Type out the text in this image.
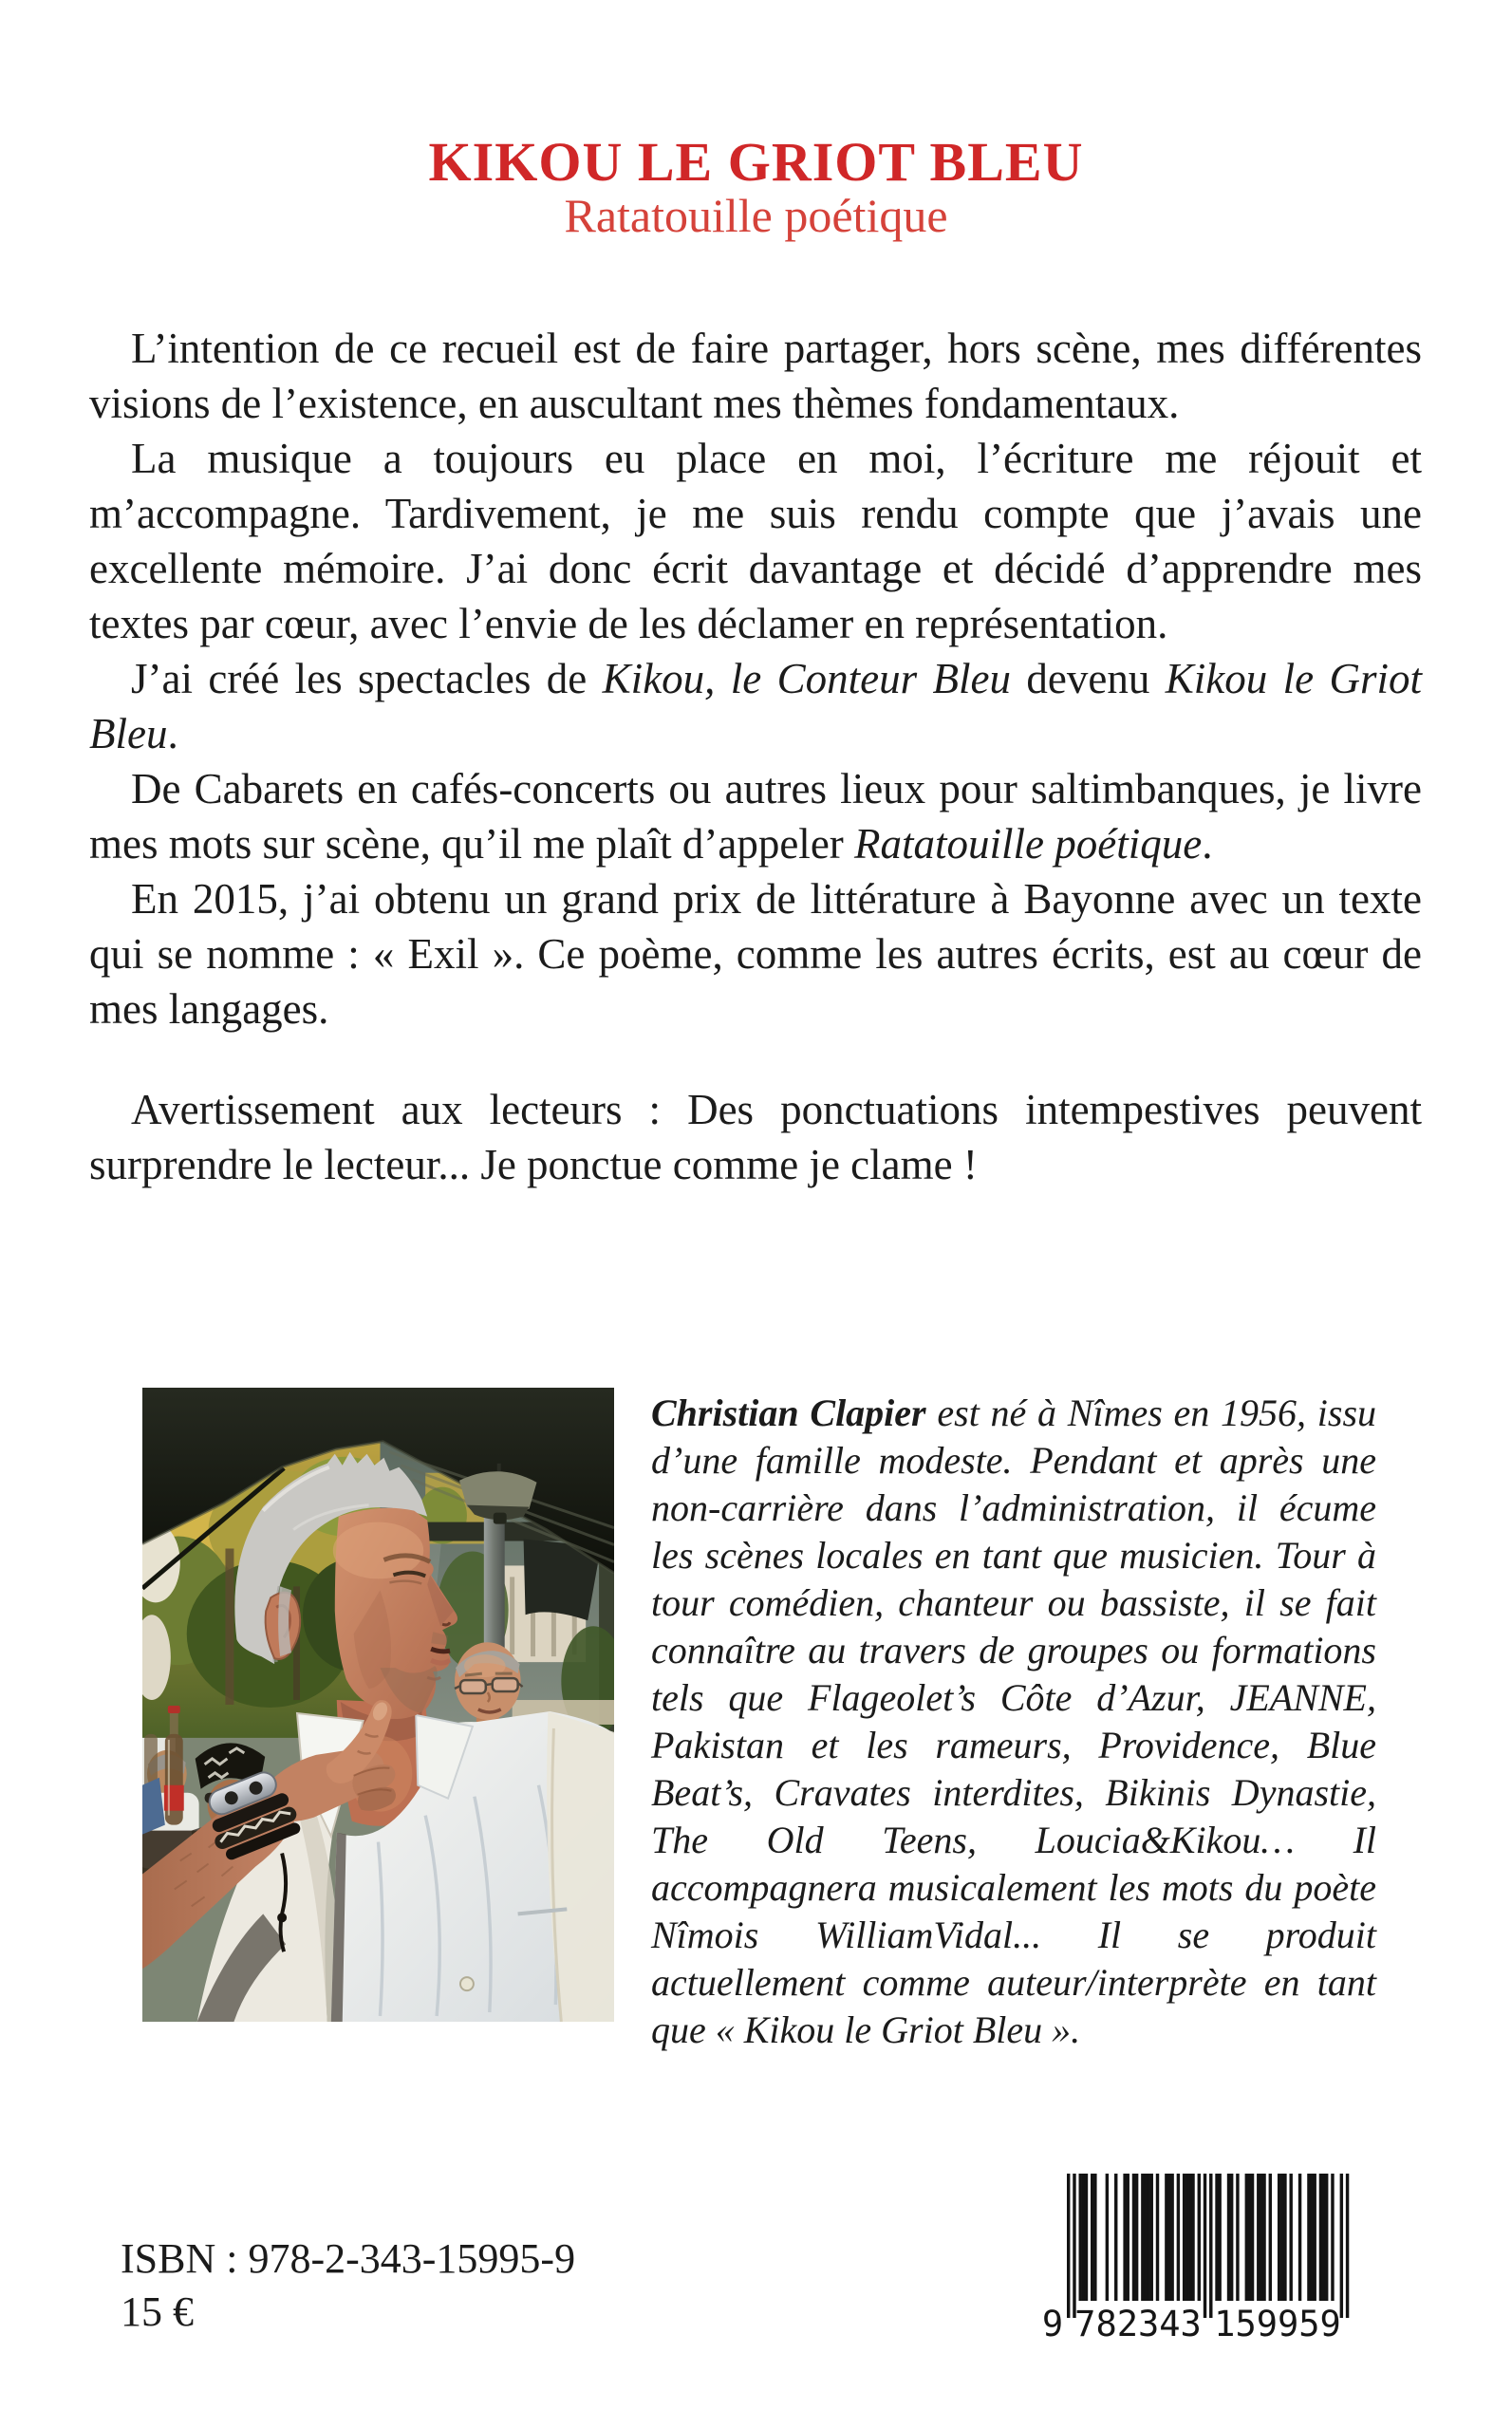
KIKOU LE GRIOT BLEU
Ratatouille poétique

L’intention de ce recueil est de faire partager, hors scène, mes différentes visions de l’existence, en auscultant mes thèmes fondamentaux.

La musique a toujours eu place en moi, l’écriture me réjouit et m’accompagne. Tardivement, je me suis rendu compte que j’avais une excellente mémoire. J’ai donc écrit davantage et décidé d’apprendre mes textes par cœur, avec l’envie de les déclamer en représentation.

J’ai créé les spectacles de Kikou, le Conteur Bleu devenu Kikou le Griot Bleu.

De Cabarets en cafés-concerts ou autres lieux pour saltimbanques, je livre mes mots sur scène, qu’il me plaît d’appeler Ratatouille poétique.

En 2015, j’ai obtenu un grand prix de littérature à Bayonne avec un texte qui se nomme : « Exil ». Ce poème, comme les autres écrits, est au cœur de mes langages.

Avertissement aux lecteurs : Des ponctuations intempestives peuvent surprendre le lecteur... Je ponctue comme je clame !

Christian Clapier est né à Nîmes en 1956, issu d’une famille modeste. Pendant et après une non-carrière dans l’administration, il écume les scènes locales en tant que musicien. Tour à tour comédien, chanteur ou bassiste, il se fait connaître au travers de groupes ou formations tels que Flageolet’s Côte d’Azur, JEANNE, Pakistan et les rameurs, Providence, Blue Beat’s, Cravates interdites, Bikinis Dynastie, The Old Teens, Loucia&Kikou… Il accompagnera musicalement les mots du poète Nîmois WilliamVidal... Il se produit actuellement comme auteur/interprète en tant que « Kikou le Griot Bleu ».
ISBN : 978-2-343-15995-9
15 €	9 782343 159959
